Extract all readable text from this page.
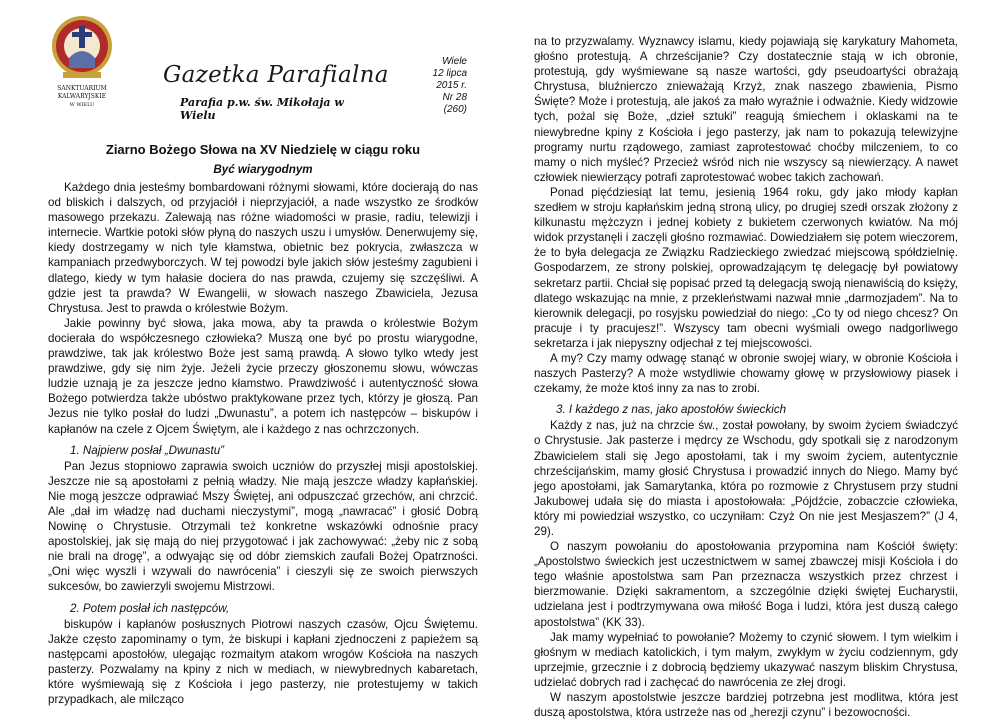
SANKTUARIUM
KALWARYJSKIE
W WIELU
Gazetka Parafialna
Parafia p.w. św. Mikołaja w Wielu
Wiele
12 lipca
2015 r.
Nr 28 (260)
Ziarno Bożego Słowa na XV Niedzielę w ciągu roku
Być wiarygodnym

Każdego dnia jesteśmy bombardowani różnymi słowami, które docierają do nas od bliskich i dalszych, od przyjaciół i nieprzyjaciół, a nade wszystko ze środków masowego przekazu. Zalewają nas różne wiadomości w prasie, radiu, telewizji i internecie. Wartkie potoki słów płyną do naszych uszu i umysłów. Denerwujemy się, kiedy dostrzegamy w nich tyle kłamstwa, obietnic bez pokrycia, zwłaszcza w kampaniach przedwyborczych. W tej powodzi byle jakich słów jesteśmy zagubieni i dlatego, kiedy w tym hałasie dociera do nas prawda, czujemy się szczęśliwi. A gdzie jest ta prawda? W Ewangelii, w słowach naszego Zbawiciela, Jezusa Chrystusa. Jest to prawda o królestwie Bożym.

Jakie powinny być słowa, jaka mowa, aby ta prawda o królestwie Bożym docierała do współczesnego człowieka? Muszą one być po prostu wiarygodne, prawdziwe, tak jak królestwo Boże jest samą prawdą. A słowo tylko wtedy jest prawdziwe, gdy się nim żyje. Jeżeli życie przeczy głoszonemu słowu, wówczas ludzie uznają je za jeszcze jedno kłamstwo. Prawdziwość i autentyczność słowa Bożego potwierdza także ubóstwo praktykowane przez tych, którzy je głoszą. Pan Jezus nie tylko posłał do ludzi „Dwunastu”, a potem ich następców – biskupów i kapłanów na czele z Ojcem Świętym, ale i każdego z nas ochrzczonych.

1. Najpierw posłał „Dwunastu”

Pan Jezus stopniowo zaprawia swoich uczniów do przyszłej misji apostolskiej. Jeszcze nie są apostołami z pełnią władzy. Nie mają jeszcze władzy kapłańskiej. Nie mogą jeszcze odprawiać Mszy Świętej, ani odpuszczać grzechów, ani chrzcić. Ale „dał im władzę nad duchami nieczystymi”, mogą „nawracać” i głosić Dobrą Nowinę o Chrystusie. Otrzymali też konkretne wskazówki odnośnie pracy apostolskiej, jak się mają do niej przygotować i jak zachowywać: „żeby nic z sobą nie brali na drogę”, a odwyając się od dóbr ziemskich zaufali Bożej Opatrzności. „Oni więc wyszli i wzywali do nawrócenia” i cieszyli się ze swoich pierwszych sukcesów, bo zawierzyli swojemu Mistrzowi.

2. Potem posłał ich następców,

biskupów i kapłanów posłusznych Piotrowi naszych czasów, Ojcu Świętemu. Jakże często zapominamy o tym, że biskupi i kapłani zjednoczeni z papieżem są następcami apostołów, ulegając rozmaitym atakom wrogów Kościoła na naszych pasterzy. Pozwalamy na kpiny z nich w mediach, w niewybrednych kabaretach, które wyśmiewają się z Kościoła i jego pasterzy, nie protestujemy w takich przypadkach, ale milcząco

na to przyzwalamy. Wyznawcy islamu, kiedy pojawiają się karykatury Mahometa, głośno protestują. A chrześcijanie? Czy dostatecznie stają w ich obronie, protestują, gdy wyśmiewane są nasze wartości, gdy pseudoartyści obrażają Chrystusa, bluźnierczo znieważają Krzyż, znak naszego zbawienia, Pismo Święte? Może i protestują, ale jakoś za mało wyraźnie i odważnie. Kiedy widzowie tych, pożal się Boże, „dzieł sztuki” reagują śmiechem i oklaskami na te niewybredne kpiny z Kościoła i jego pasterzy, jak nam to pokazują telewizyjne programy nurtu rządowego, zamiast zaprotestować choćby milczeniem, to co mamy o nich myśleć? Przecież wśród nich nie wszyscy są niewierzący. A nawet człowiek niewierzący potrafi zaprotestować wobec takich zachowań.

Ponad pięćdziesiąt lat temu, jesienią 1964 roku, gdy jako młody kapłan szedłem w stroju kapłańskim jedną stroną ulicy, po drugiej szedł orszak złożony z kilkunastu mężczyzn i jednej kobiety z bukietem czerwonych kwiatów. Na mój widok przystanęli i zaczęli głośno rozmawiać. Dowiedziałem się potem wieczorem, że to była delegacja ze Związku Radzieckiego zwiedzać miejscową spółdzielnię. Gospodarzem, ze strony polskiej, oprowadzającym tę delegację był powiatowy sekretarz partii. Chciał się popisać przed tą delegacją swoją nienawiścią do księży, dlatego wskazując na mnie, z przekleństwami nazwał mnie „darmozjadem”. Na to kierownik delegacji, po rosyjsku powiedział do niego: „Co ty od niego chcesz? On pracuje i ty pracujesz!”. Wszyscy tam obecni wyśmiali owego nadgorliwego sekretarza i jak niepyszny odjechał z tej miejscowości.

A my? Czy mamy odwagę stanąć w obronie swojej wiary, w obronie Kościoła i naszych Pasterzy? A może wstydliwie chowamy głowę w przysłowiowy piasek i czekamy, że może ktoś inny za nas to zrobi.

3. I każdego z nas, jako apostołów świeckich

Każdy z nas, już na chrzcie św., został powołany, by swoim życiem świadczyć o Chrystusie. Jak pasterze i mędrcy ze Wschodu, gdy spotkali się z narodzonym Zbawicielem stali się Jego apostołami, tak i my swoim życiem, autentycznie chrześcijańskim, mamy głosić Chrystusa i prowadzić innych do Niego. Mamy być jego apostołami, jak Samarytanka, która po rozmowie z Chrystusem przy studni Jakubowej udała się do miasta i apostołowała: „Pójdźcie, zobaczcie człowieka, który mi powiedział wszystko, co uczyniłam: Czyż On nie jest Mesjaszem?” (J 4, 29).

O naszym powołaniu do apostołowania przypomina nam Kościół święty: „Apostolstwo świeckich jest uczestnictwem w samej zbawczej misji Kościoła i do tego właśnie apostolstwa sam Pan przeznacza wszystkich przez chrzest i bierzmowanie. Dzięki sakramentom, a szczególnie dzięki świętej Eucharystii, udzielana jest i podtrzymywana owa miłość Boga i ludzi, która jest duszą całego apostolstwa” (KK 33).

Jak mamy wypełniać to powołanie? Możemy to czynić słowem. I tym wielkim i głośnym w mediach katolickich, i tym małym, zwykłym w życiu codziennym, gdy uprzejmie, grzecznie i z dobrocią będziemy ukazywać naszym bliskim Chrystusa, udzielać dobrych rad i zachęcać do nawrócenia ze złej drogi.

W naszym apostolstwie jeszcze bardziej potrzebna jest modlitwa, która jest duszą apostolstwa, która ustrzeże nas od „herezji czynu” i bezowocności.
